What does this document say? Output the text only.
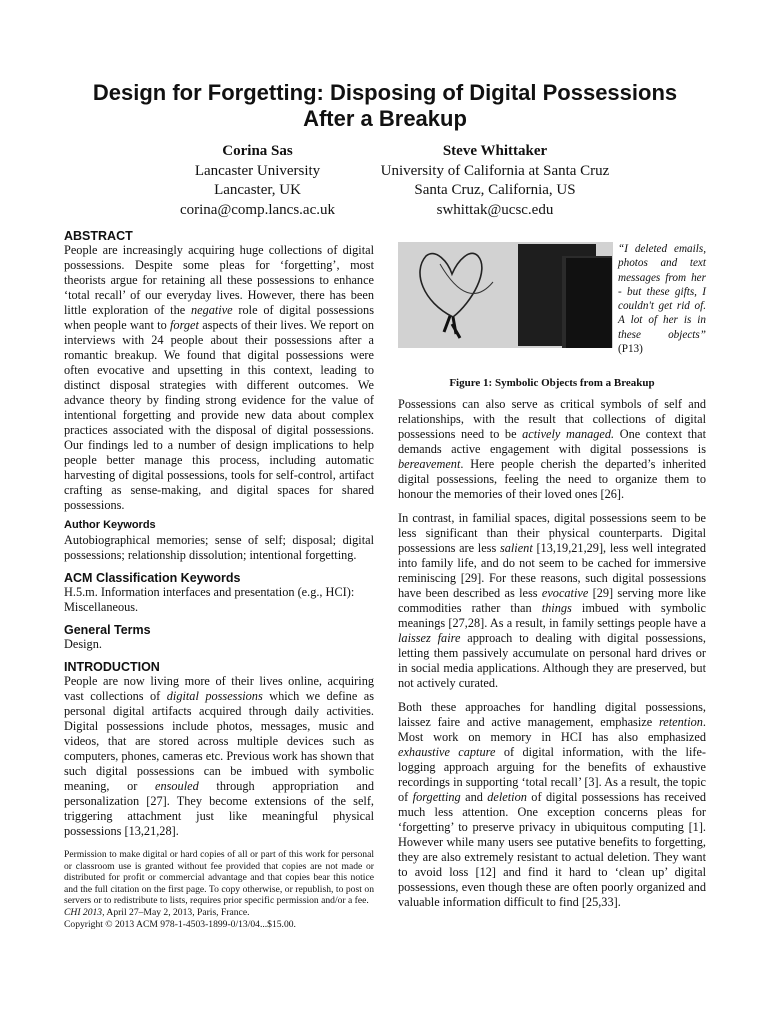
Design for Forgetting: Disposing of Digital Possessions
After a Breakup
Corina Sas
Lancaster University
Lancaster, UK
corina@comp.lancs.ac.uk
Steve Whittaker
University of California at Santa Cruz
Santa Cruz, California, US
swhittak@ucsc.edu
ABSTRACT

People are increasingly acquiring huge collections of digital possessions. Despite some pleas for ‘forgetting’, most theorists argue for retaining all these possessions to enhance ‘total recall’ of our everyday lives. However, there has been little exploration of the negative role of digital possessions when people want to forget aspects of their lives. We report on interviews with 24 people about their possessions after a romantic breakup. We found that digital possessions were often evocative and upsetting in this context, leading to distinct disposal strategies with different outcomes. We advance theory by finding strong evidence for the value of intentional forgetting and provide new data about complex practices associated with the disposal of digital possessions. Our findings led to a number of design implications to help people better manage this process, including automatic harvesting of digital possessions, tools for self-control, artifact crafting as sense-making, and digital spaces for shared possessions.

Author Keywords

Autobiographical memories; sense of self; disposal; digital possessions; relationship dissolution; intentional forgetting.

ACM Classification Keywords

H.5.m. Information interfaces and presentation (e.g., HCI): Miscellaneous.

General Terms

Design.

INTRODUCTION

People are now living more of their lives online, acquiring vast collections of digital possessions which we define as personal digital artifacts acquired through daily activities. Digital possessions include photos, messages, music and videos, that are stored across multiple devices such as computers, phones, cameras etc. Previous work has shown that such digital possessions can be imbued with symbolic meaning, or ensouled through appropriation and personalization [27]. They become extensions of the self, triggering attachment just like meaningful physical possessions [13,21,28].

Permission to make digital or hard copies of all or part of this work for personal or classroom use is granted without fee provided that copies are not made or distributed for profit or commercial advantage and that copies bear this notice and the full citation on the first page. To copy otherwise, or republish, to post on servers or to redistribute to lists, requires prior specific permission and/or a fee.
CHI 2013, April 27–May 2, 2013, Paris, France.
Copyright © 2013 ACM 978-1-4503-1899-0/13/04...$15.00.
“I deleted emails, photos and text messages from her - but these gifts, I couldn't get rid of. A lot of her is in these objects” (P13)
Figure 1: Symbolic Objects from a Breakup

Possessions can also serve as critical symbols of self and relationships, with the result that collections of digital possessions need to be actively managed. One context that demands active engagement with digital possessions is bereavement. Here people cherish the departed’s inherited digital possessions, feeling the need to organize them to honour the memories of their loved ones [26].

In contrast, in familial spaces, digital possessions seem to be less significant than their physical counterparts. Digital possessions are less salient [13,19,21,29], less well integrated into family life, and do not seem to be cached for immersive reminiscing [29]. For these reasons, such digital possessions have been described as less evocative [29] serving more like commodities rather than things imbued with symbolic meanings [27,28]. As a result, in family settings people have a laissez faire approach to dealing with digital possessions, letting them passively accumulate on personal hard drives or in social media applications. Although they are preserved, but not actively curated.

Both these approaches for handling digital possessions, laissez faire and active management, emphasize retention. Most work on memory in HCI has also emphasized exhaustive capture of digital information, with the life-logging approach arguing for the benefits of exhaustive recordings in supporting ‘total recall’ [3]. As a result, the topic of forgetting and deletion of digital possessions has received much less attention. One exception concerns pleas for ‘forgetting’ to preserve privacy in ubiquitous computing [1]. However while many users see putative benefits to forgetting, they are also extremely resistant to actual deletion. They want to avoid loss [12] and find it hard to ‘clean up’ digital possessions, even though these are often poorly organized and valuable information difficult to find [25,33].
